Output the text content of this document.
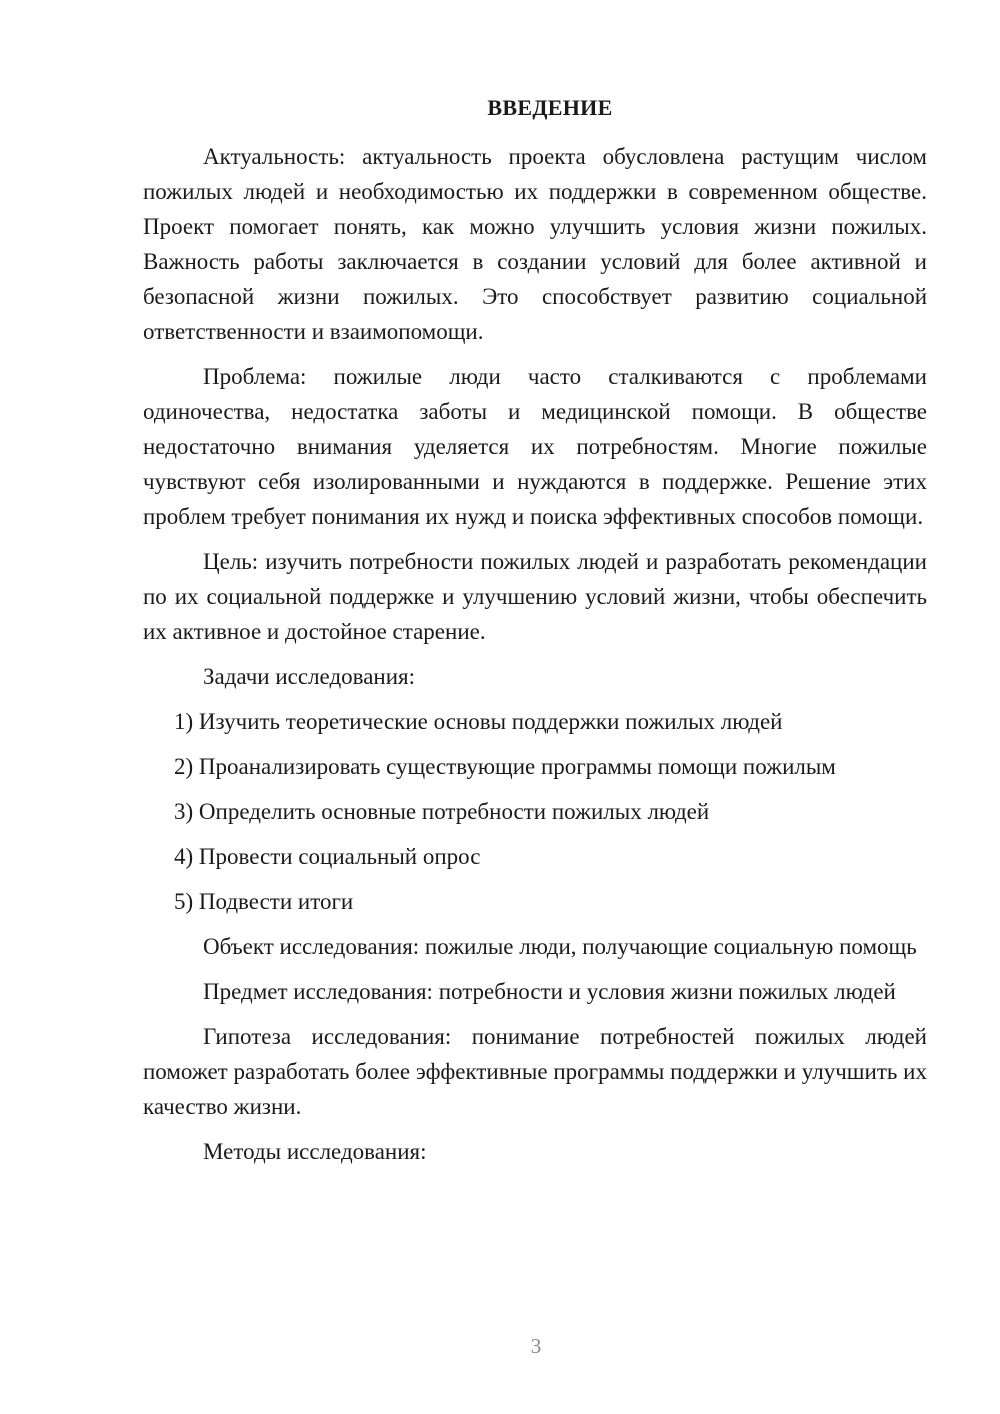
ВВЕДЕНИЕ

Актуальность: актуальность проекта обусловлена растущим числом пожилых людей и необходимостью их поддержки в современном обществе. Проект помогает понять, как можно улучшить условия жизни пожилых. Важность работы заключается в создании условий для более активной и безопасной жизни пожилых. Это способствует развитию социальной ответственности и взаимопомощи.

Проблема: пожилые люди часто сталкиваются с проблемами одиночества, недостатка заботы и медицинской помощи. В обществе недостаточно внимания уделяется их потребностям. Многие пожилые чувствуют себя изолированными и нуждаются в поддержке. Решение этих проблем требует понимания их нужд и поиска эффективных способов помощи.

Цель: изучить потребности пожилых людей и разработать рекомендации по их социальной поддержке и улучшению условий жизни, чтобы обеспечить их активное и достойное старение.

Задачи исследования:

1) Изучить теоретические основы поддержки пожилых людей

2) Проанализировать существующие программы помощи пожилым

3) Определить основные потребности пожилых людей

4) Провести социальный опрос

5) Подвести итоги

Объект исследования: пожилые люди, получающие социальную помощь

Предмет исследования: потребности и условия жизни пожилых людей

Гипотеза исследования: понимание потребностей пожилых людей поможет разработать более эффективные программы поддержки и улучшить их качество жизни.

Методы исследования:

3
